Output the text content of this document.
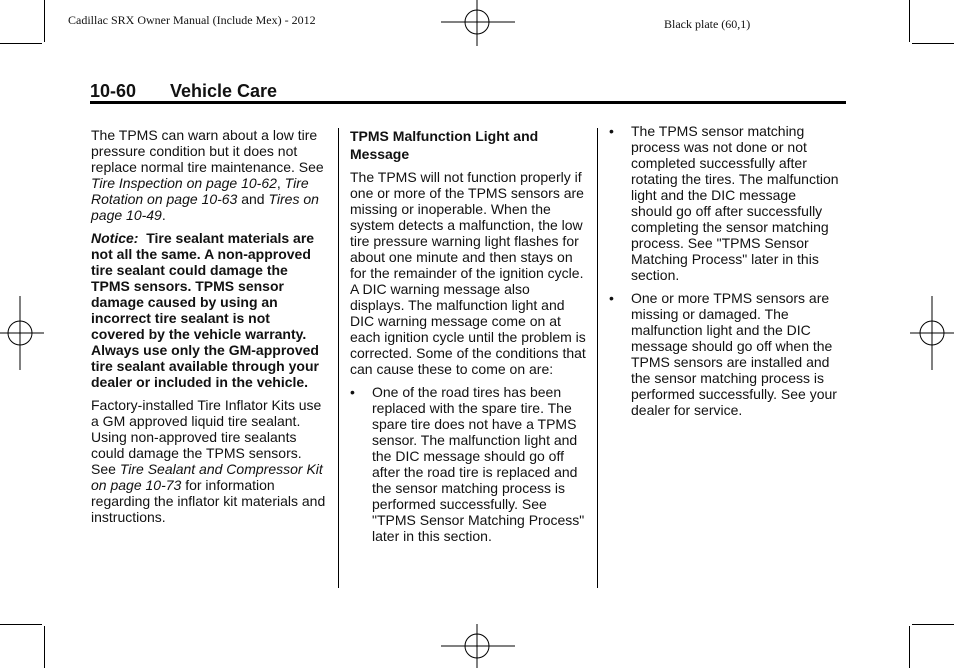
Cadillac SRX Owner Manual (Include Mex) - 2012	Black plate (60,1)
10-60 Vehicle Care

The TPMS can warn about a low tire pressure condition but it does not replace normal tire maintenance. See Tire Inspection on page 10-62, Tire Rotation on page 10-63 and Tires on page 10-49.

Notice: Tire sealant materials are not all the same. A non-approved tire sealant could damage the TPMS sensors. TPMS sensor damage caused by using an incorrect tire sealant is not covered by the vehicle warranty. Always use only the GM-approved tire sealant available through your dealer or included in the vehicle.

Factory-installed Tire Inflator Kits use a GM approved liquid tire sealant. Using non-approved tire sealants could damage the TPMS sensors. See Tire Sealant and Compressor Kit on page 10-73 for information regarding the inflator kit materials and instructions.

TPMS Malfunction Light and Message

The TPMS will not function properly if one or more of the TPMS sensors are missing or inoperable. When the system detects a malfunction, the low tire pressure warning light flashes for about one minute and then stays on for the remainder of the ignition cycle. A DIC warning message also displays. The malfunction light and DIC warning message come on at each ignition cycle until the problem is corrected. Some of the conditions that can cause these to come on are:

• One of the road tires has been replaced with the spare tire. The spare tire does not have a TPMS sensor. The malfunction light and the DIC message should go off after the road tire is replaced and the sensor matching process is performed successfully. See "TPMS Sensor Matching Process" later in this section.
• The TPMS sensor matching process was not done or not completed successfully after rotating the tires. The malfunction light and the DIC message should go off after successfully completing the sensor matching process. See "TPMS Sensor Matching Process" later in this section.
• One or more TPMS sensors are missing or damaged. The malfunction light and the DIC message should go off when the TPMS sensors are installed and the sensor matching process is performed successfully. See your dealer for service.
